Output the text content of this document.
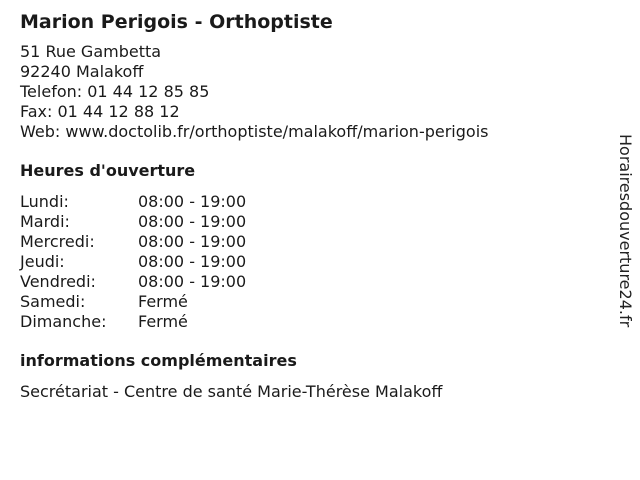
Marion Perigois - Orthoptiste
51 Rue Gambetta
92240 Malakoff
Telefon: 01 44 12 85 85
Fax: 01 44 12 88 12
Web: www.doctolib.fr/orthoptiste/malakoff/marion-perigois
Heures d'ouverture
Lundi:	08:00 - 19:00
Mardi:	08:00 - 19:00
Mercredi:	08:00 - 19:00
Jeudi:	08:00 - 19:00
Vendredi:	08:00 - 19:00
Samedi:	Fermé
Dimanche:	Fermé
informations complémentaires
Secrétariat - Centre de santé Marie-Thérèse Malakoff
Horairesdouverture24.fr
